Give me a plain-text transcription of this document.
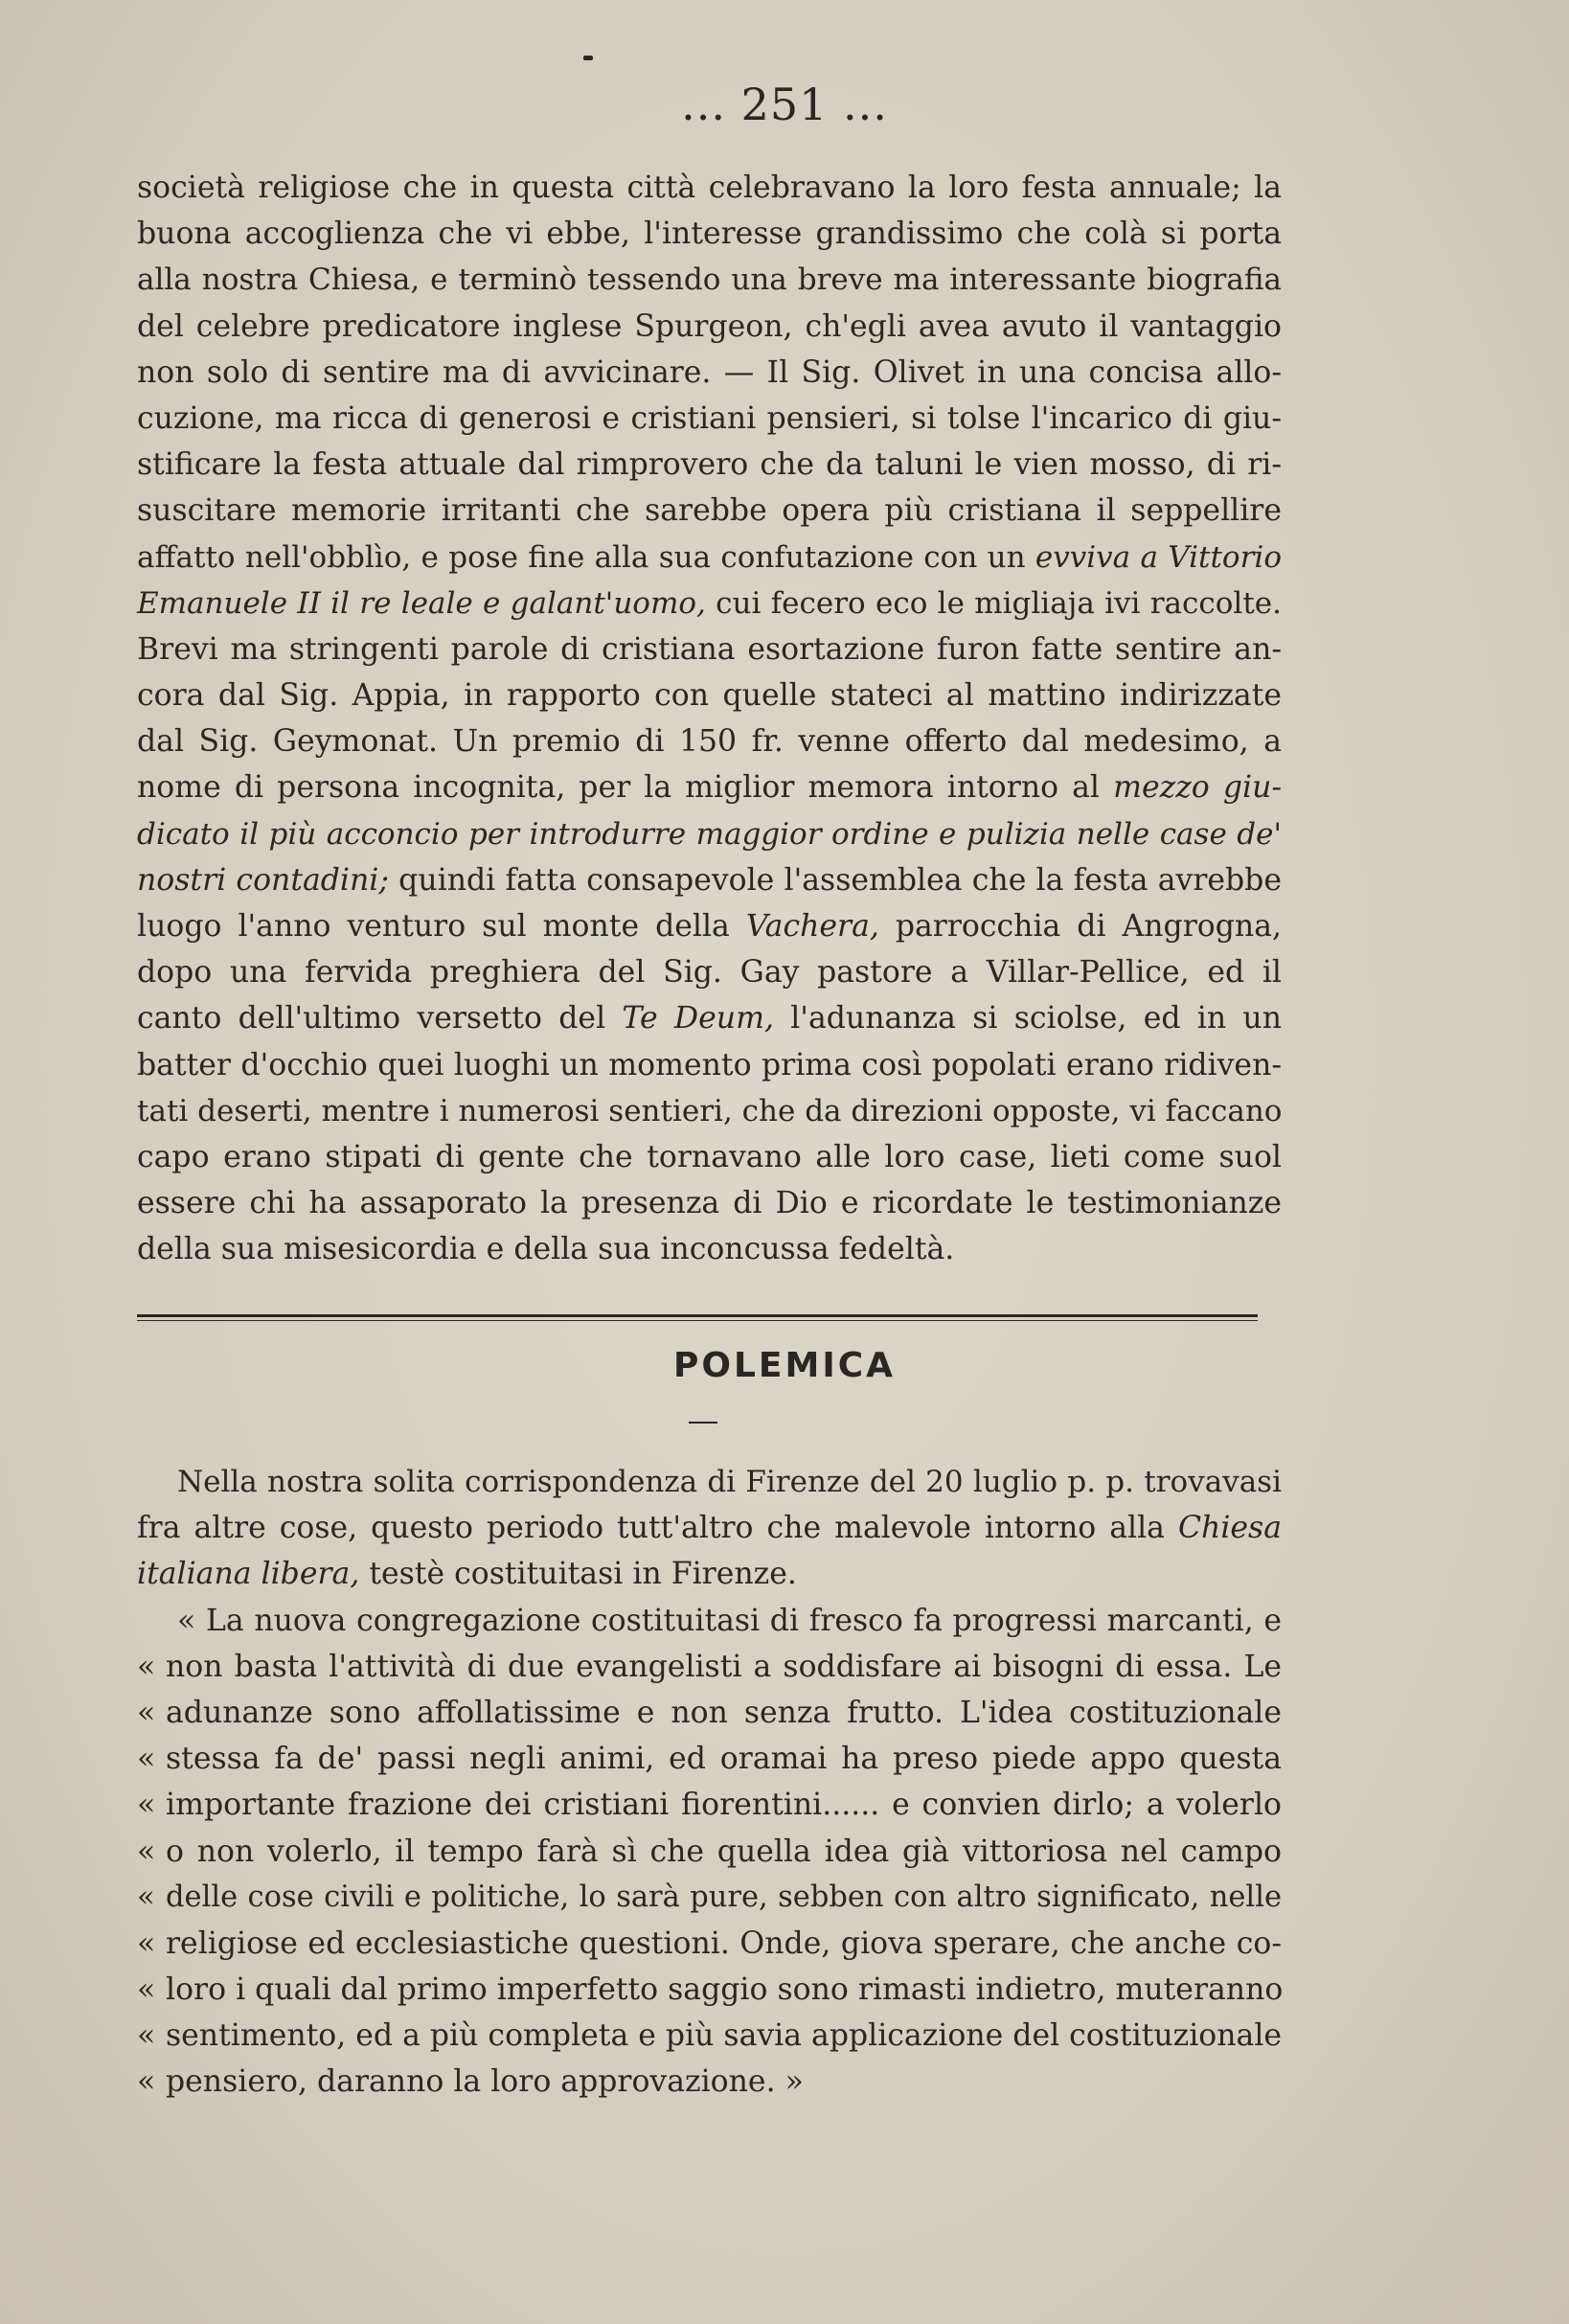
... 251 ...
società religiose che in questa città celebravano la loro festa annuale; la
buona accoglienza che vi ebbe, l'interesse grandissimo che colà si porta
alla nostra Chiesa, e terminò tessendo una breve ma interessante biografia
del celebre predicatore inglese Spurgeon, ch'egli avea avuto il vantaggio
non solo di sentire ma di avvicinare. — Il Sig. Olivet in una concisa allo-
cuzione, ma ricca di generosi e cristiani pensieri, si tolse l'incarico di giu-
stificare la festa attuale dal rimprovero che da taluni le vien mosso, di ri-
suscitare memorie irritanti che sarebbe opera più cristiana il seppellire
affatto nell'obblìo, e pose fine alla sua confutazione con un evviva a Vittorio
Emanuele II il re leale e galant'uomo, cui fecero eco le migliaja ivi raccolte.
Brevi ma stringenti parole di cristiana esortazione furon fatte sentire an-
cora dal Sig. Appia, in rapporto con quelle stateci al mattino indirizzate
dal Sig. Geymonat. Un premio di 150 fr. venne offerto dal medesimo, a
nome di persona incognita, per la miglior memora intorno al mezzo giu-
dicato il più acconcio per introdurre maggior ordine e pulizia nelle case de'
nostri contadini; quindi fatta consapevole l'assemblea che la festa avrebbe
luogo l'anno venturo sul monte della Vachera, parrocchia di Angrogna,
dopo una fervida preghiera del Sig. Gay pastore a Villar-Pellice, ed il
canto dell'ultimo versetto del Te Deum, l'adunanza si sciolse, ed in un
batter d'occhio quei luoghi un momento prima così popolati erano ridiven-
tati deserti, mentre i numerosi sentieri, che da direzioni opposte, vi faccano
capo erano stipati di gente che tornavano alle loro case, lieti come suol
essere chi ha assaporato la presenza di Dio e ricordate le testimonianze
della sua misesicordia e della sua inconcussa fedeltà.
POLEMICA
Nella nostra solita corrispondenza di Firenze del 20 luglio p. p. trovavasi
fra altre cose, questo periodo tutt'altro che malevole intorno alla Chiesa
italiana libera, testè costituitasi in Firenze.
« La nuova congregazione costituitasi di fresco fa progressi marcanti, e
« non basta l'attività di due evangelisti a soddisfare ai bisogni di essa. Le
« adunanze sono affollatissime e non senza frutto. L'idea costituzionale
« stessa fa de' passi negli animi, ed oramai ha preso piede appo questa
« importante frazione dei cristiani fiorentini...... e convien dirlo; a volerlo
« o non volerlo, il tempo farà sì che quella idea già vittoriosa nel campo
« delle cose civili e politiche, lo sarà pure, sebben con altro significato, nelle
« religiose ed ecclesiastiche questioni. Onde, giova sperare, che anche co-
« loro i quali dal primo imperfetto saggio sono rimasti indietro, muteranno
« sentimento, ed a più completa e più savia applicazione del costituzionale
« pensiero, daranno la loro approvazione. »
